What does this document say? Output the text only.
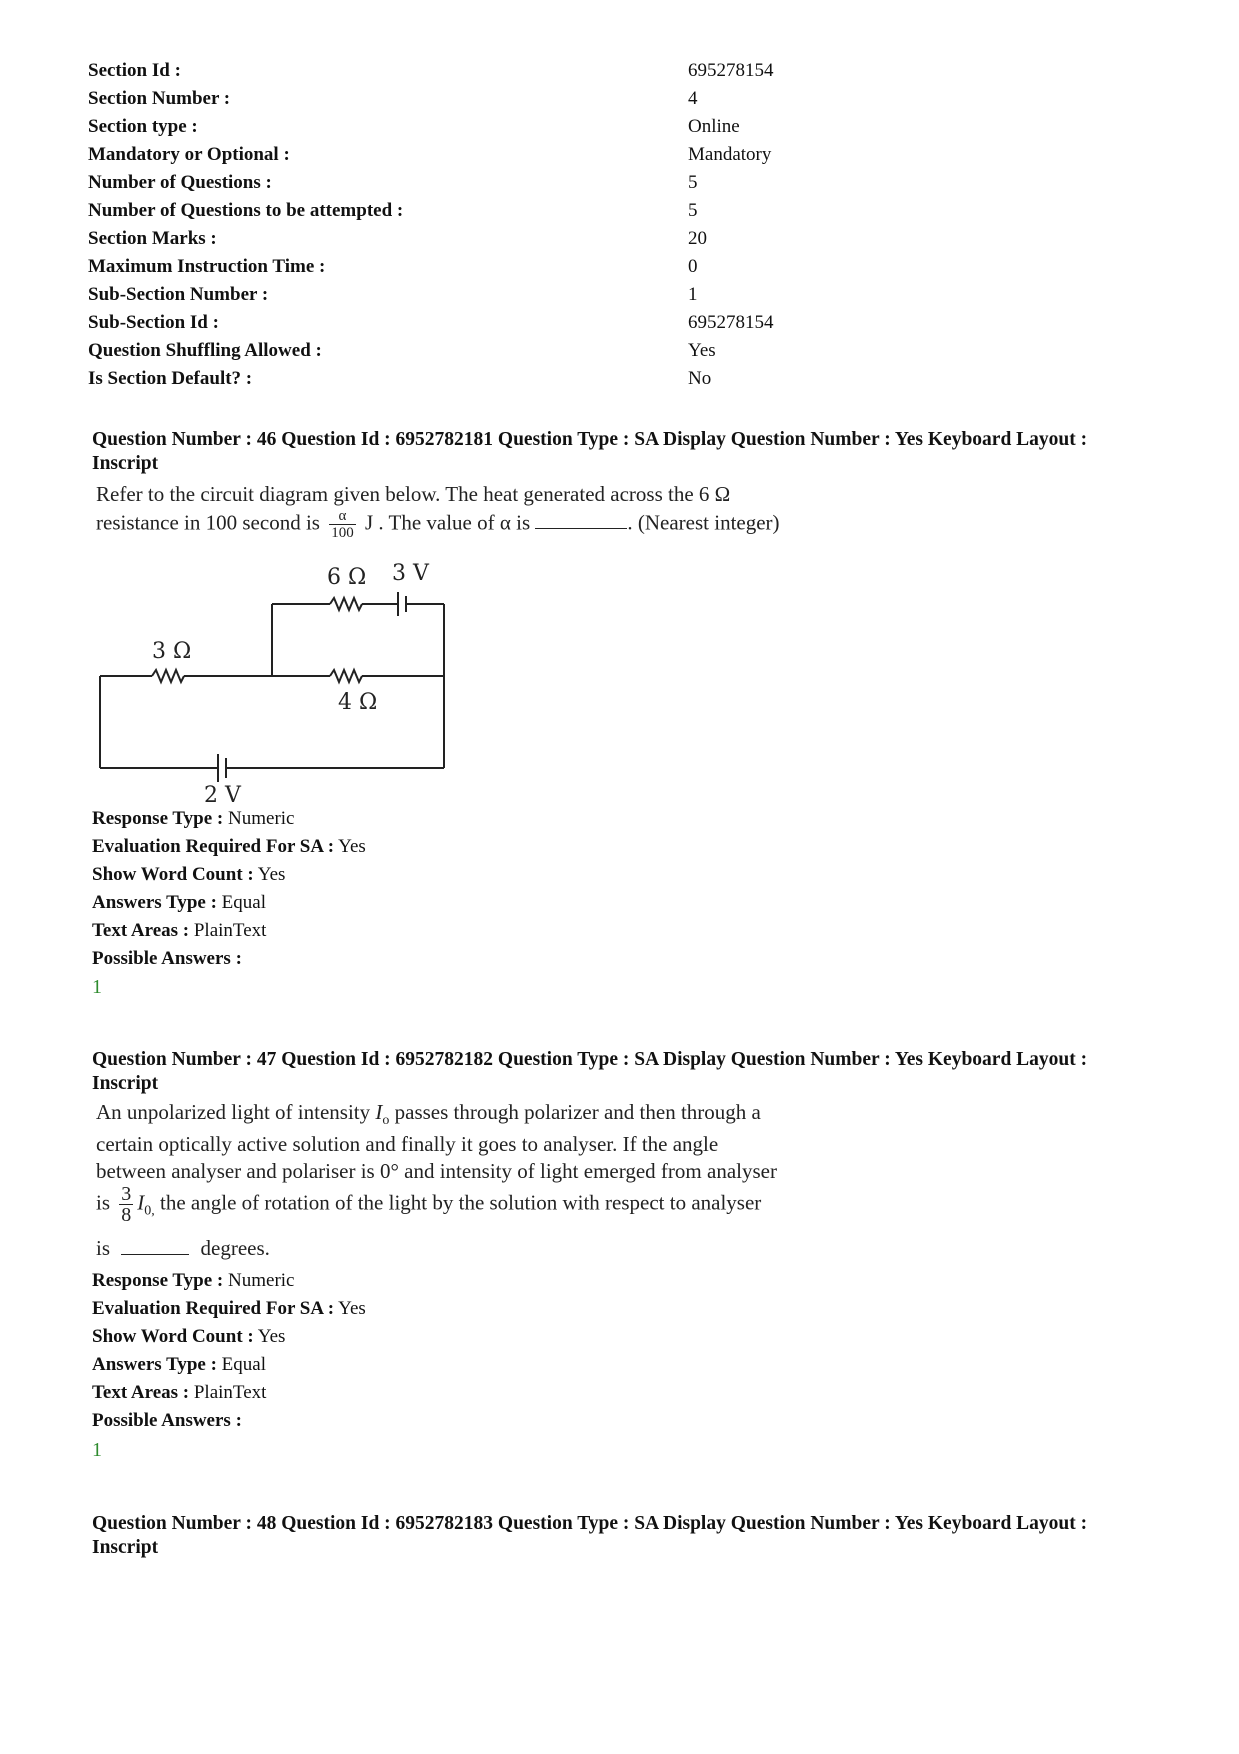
Section Id :	695278154
Section Number :	4
Section type :	Online
Mandatory or Optional :	Mandatory
Number of Questions :	5
Number of Questions to be attempted :	5
Section Marks :	20
Maximum Instruction Time :	0
Sub-Section Number :	1
Sub-Section Id :	695278154
Question Shuffling Allowed :	Yes
Is Section Default? :	No
Question Number : 46 Question Id : 6952782181 Question Type : SA Display Question Number : Yes Keyboard Layout :
Inscript
Refer to the circuit diagram given below. The heat generated across the 6 Ω
resistance in 100 second is $\frac{\alpha}{100}$ J . The value of α is	. (Nearest integer)
6 Ω 3 V
3 Ω
4 Ω
2 V
Response Type : Numeric
Evaluation Required For SA : Yes
Show Word Count : Yes
Answers Type : Equal
Text Areas : PlainText
Possible Answers :
1
Question Number : 47 Question Id : 6952782182 Question Type : SA Display Question Number : Yes Keyboard Layout :
Inscript
An unpolarized light of intensity $I_o$ passes through polarizer and then through a
certain optically active solution and finally it goes to analyser. If the angle
between analyser and polariser is 0° and intensity of light emerged from analyser
is $\frac{3}{8} I_{0,}$ the angle of rotation of the light by the solution with respect to analyser
is	degrees.
Response Type : Numeric
Evaluation Required For SA : Yes
Show Word Count : Yes
Answers Type : Equal
Text Areas : PlainText
Possible Answers :
1
Question Number : 48 Question Id : 6952782183 Question Type : SA Display Question Number : Yes Keyboard Layout :
Inscript
